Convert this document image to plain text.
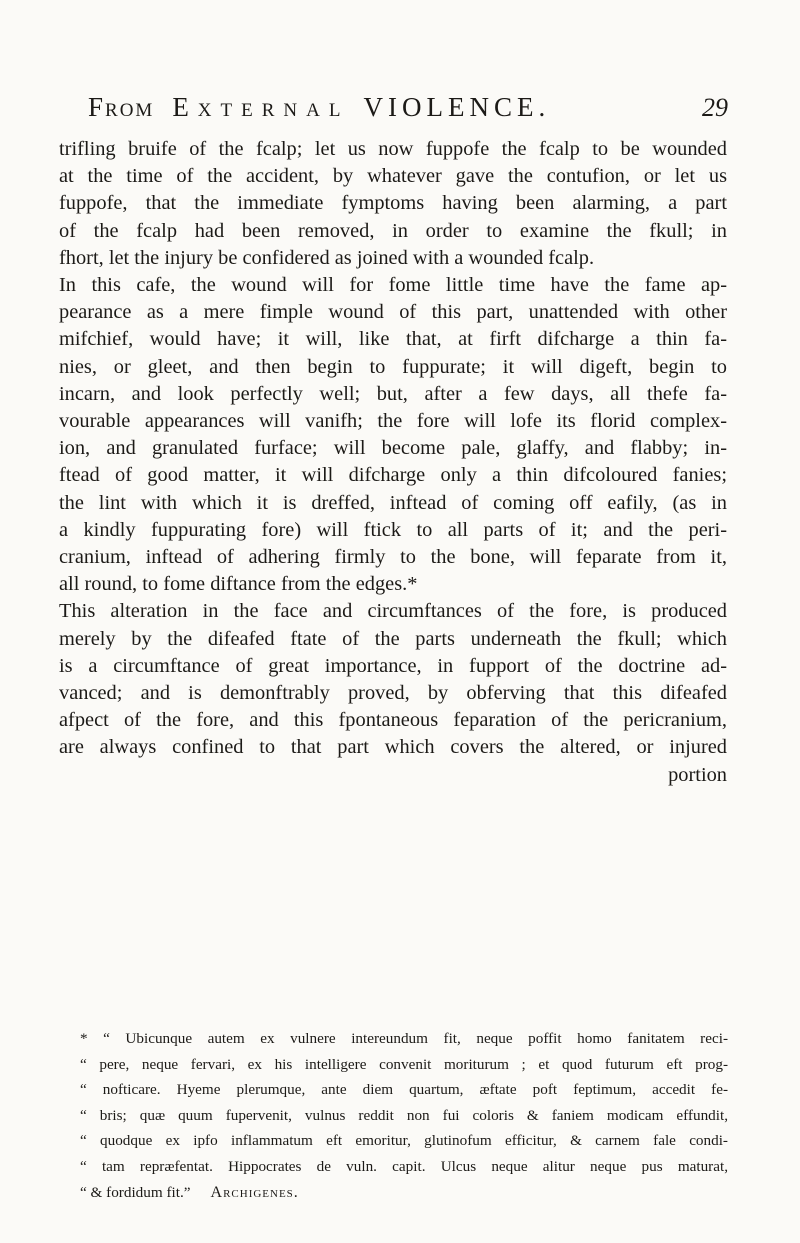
From External VIOLENCE.	29
trifling bruife of the fcalp; let us now fuppofe the fcalp to be wounded
at the time of the accident, by whatever gave the contufion, or let us
fuppofe, that the immediate fymptoms having been alarming, a part
of the fcalp had been removed, in order to examine the fkull; in
fhort, let the injury be confidered as joined with a wounded fcalp.
In this cafe, the wound will for fome little time have the fame ap-
pearance as a mere fimple wound of this part, unattended with other
mifchief, would have; it will, like that, at firft difcharge a thin fa-
nies, or gleet, and then begin to fuppurate; it will digeft, begin to
incarn, and look perfectly well; but, after a few days, all thefe fa-
vourable appearances will vanifh; the fore will lofe its florid complex-
ion, and granulated furface; will become pale, glaffy, and flabby; in-
ftead of good matter, it will difcharge only a thin difcoloured fanies;
the lint with which it is dreffed, inftead of coming off eafily, (as in
a kindly fuppurating fore) will ftick to all parts of it; and the peri-
cranium, inftead of adhering firmly to the bone, will feparate from it,
all round, to fome diftance from the edges.*
This alteration in the face and circumftances of the fore, is produced
merely by the difeafed ftate of the parts underneath the fkull; which
is a circumftance of great importance, in fupport of the doctrine ad-
vanced; and is demonftrably proved, by obferving that this difeafed
afpect of the fore, and this fpontaneous feparation of the pericranium,
are always confined to that part which covers the altered, or injured
portion
* “ Ubicunque autem ex vulnere intereundum fit, neque poffit homo fanitatem reci-
“ pere, neque fervari, ex his intelligere convenit moriturum ; et quod futurum eft prog-
“ nofticare. Hyeme plerumque, ante diem quartum, æftate poft feptimum, accedit fe-
“ bris; quæ quum fupervenit, vulnus reddit non fui coloris & faniem modicam effundit,
“ quodque ex ipfo inflammatum eft emoritur, glutinofum efficitur, & carnem fale condi-
“ tam repræfentat. Hippocrates de vuln. capit. Ulcus neque alitur neque pus maturat,
“ & fordidum fit.” Archigenes.
